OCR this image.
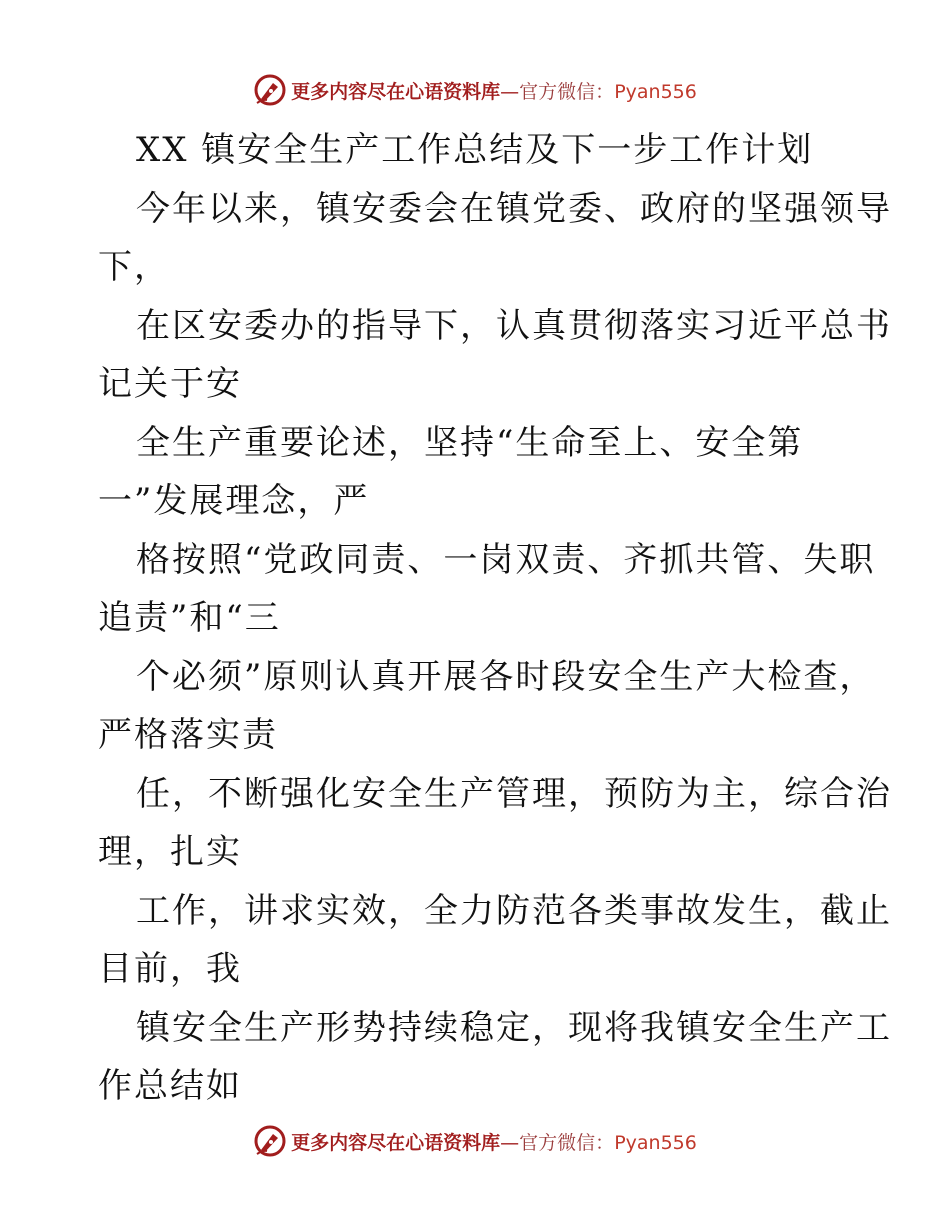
更多内容尽在心语资料库—官方微信：Pyan556
XX 镇安全生产工作总结及下一步工作计划
今年以来，镇安委会在镇党委、政府的坚强领导
下，
在区安委办的指导下，认真贯彻落实习近平总书
记关于安
全生产重要论述，坚持“生命至上、安全第
一”发展理念，严
格按照“党政同责、一岗双责、齐抓共管、失职
追责”和“三
个必须”原则认真开展各时段安全生产大检查，
严格落实责
任，不断强化安全生产管理，预防为主，综合治
理，扎实
工作，讲求实效，全力防范各类事故发生，截止
目前，我
镇安全生产形势持续稳定，现将我镇安全生产工
作总结如
更多内容尽在心语资料库—官方微信：Pyan556
